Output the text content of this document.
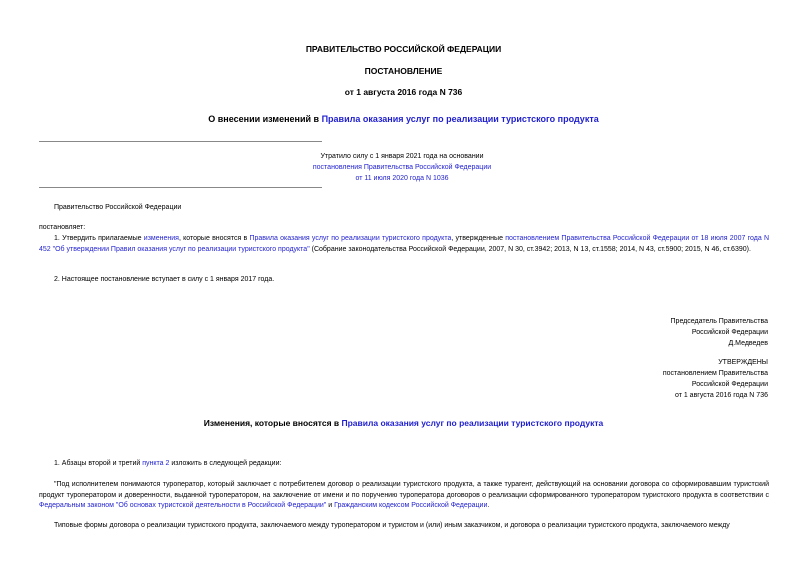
ПРАВИТЕЛЬСТВО РОССИЙСКОЙ ФЕДЕРАЦИИ
ПОСТАНОВЛЕНИЕ
от 1 августа 2016 года N 736
О внесении изменений в Правила оказания услуг по реализации туристского продукта
Утратило силу с 1 января 2021 года на основании
постановления Правительства Российской Федерации
от 11 июля 2020 года N 1036
Правительство Российской Федерации
постановляет:
1. Утвердить прилагаемые изменения, которые вносятся в Правила оказания услуг по реализации туристского продукта, утвержденные постановлением Правительства Российской Федерации от 18 июля 2007 года N 452 "Об утверждении Правил оказания услуг по реализации туристского продукта" (Собрание законодательства Российской Федерации, 2007, N 30, ст.3942; 2013, N 13, ст.1558; 2014, N 43, ст.5900; 2015, N 46, ст.6390).
2. Настоящее постановление вступает в силу с 1 января 2017 года.
Председатель Правительства
Российской Федерации
Д.Медведев
УТВЕРЖДЕНЫ
постановлением Правительства
Российской Федерации
от 1 августа 2016 года N 736
Изменения, которые вносятся в Правила оказания услуг по реализации туристского продукта
1. Абзацы второй и третий пункта 2 изложить в следующей редакции:
"Под исполнителем понимаются туроператор, который заключает с потребителем договор о реализации туристского продукта, а также турагент, действующий на основании договора со сформировавшим туристский продукт туроператором и доверенности, выданной туроператором, на заключение от имени и по поручению туроператора договоров о реализации сформированного туроператором туристского продукта в соответствии с Федеральным законом "Об основах туристской деятельности в Российской Федерации" и Гражданским кодексом Российской Федерации.
Типовые формы договора о реализации туристского продукта, заключаемого между туроператором и туристом и (или) иным заказчиком, и договора о реализации туристского продукта, заключаемого между
